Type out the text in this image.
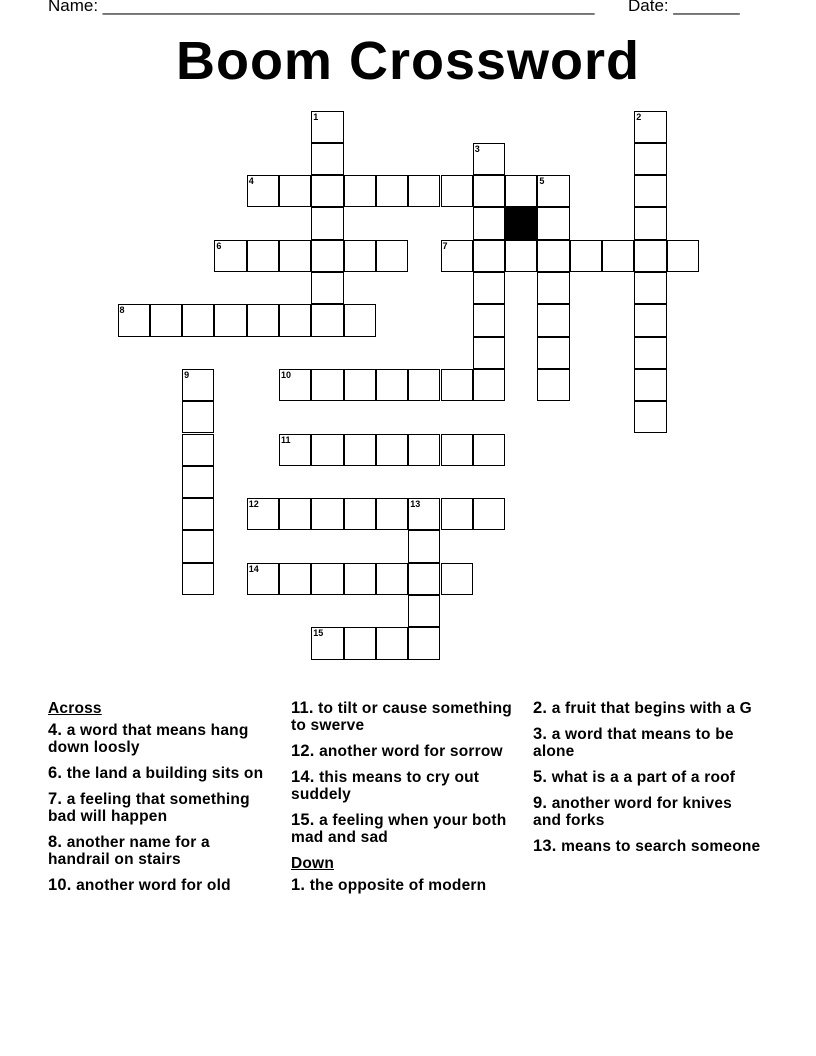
Name: ____________________________________________________ Date: _______
Boom Crossword
1	2
3
4	5
6	7
8
9	10
11
12	13
14
15
Across
4. a word that means hang down loosly
6. the land a building sits on
7. a feeling that something bad will happen
8. another name for a handrail on stairs
10. another word for old
11. to tilt or cause something to swerve
12. another word for sorrow
14. this means to cry out suddely
15. a feeling when your both mad and sad
Down
1. the opposite of modern
2. a fruit that begins with a G
3. a word that means to be alone
5. what is a a part of a roof
9. another word for knives and forks
13. means to search someone
